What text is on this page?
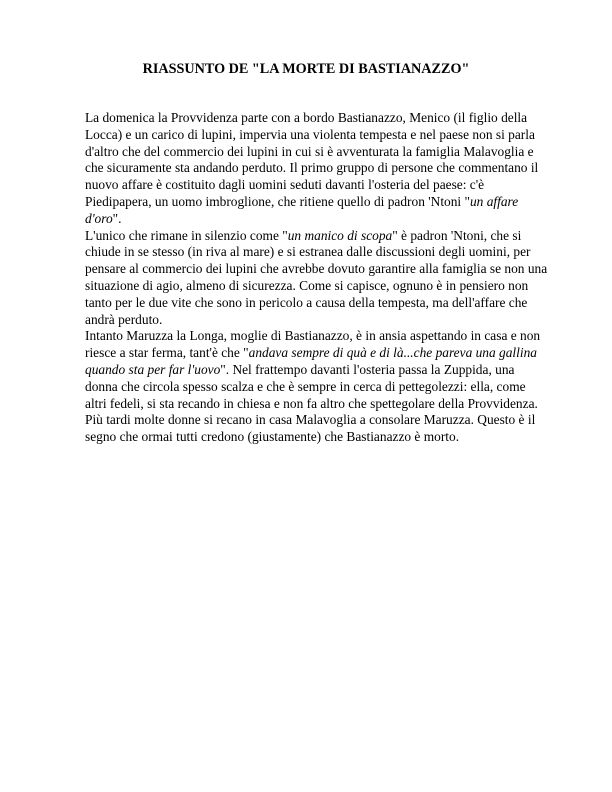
RIASSUNTO DE "LA MORTE DI BASTIANAZZO"
La domenica la Provvidenza parte con a bordo Bastianazzo, Menico (il figlio della
Locca) e un carico di lupini, impervia una violenta tempesta e nel paese non si parla
d'altro che del commercio dei lupini in cui si è avventurata la famiglia Malavoglia e
che sicuramente sta andando perduto. Il primo gruppo di persone che commentano il
nuovo affare è costituito dagli uomini seduti davanti l'osteria del paese: c'è
Piedipapera, un uomo imbroglione, che ritiene quello di padron 'Ntoni "un affare
d'oro".
L'unico che rimane in silenzio come "un manico di scopa" è padron 'Ntoni, che si
chiude in se stesso (in riva al mare) e si estranea dalle discussioni degli uomini, per
pensare al commercio dei lupini che avrebbe dovuto garantire alla famiglia se non una
situazione di agio, almeno di sicurezza. Come si capisce, ognuno è in pensiero non
tanto per le due vite che sono in pericolo a causa della tempesta, ma dell'affare che
andrà perduto.
Intanto Maruzza la Longa, moglie di Bastianazzo, è in ansia aspettando in casa e non
riesce a star ferma, tant'è che "andava sempre di quà e di là...che pareva una gallina
quando sta per far l'uovo". Nel frattempo davanti l'osteria passa la Zuppida, una
donna che circola spesso scalza e che è sempre in cerca di pettegolezzi: ella, come
altri fedeli, si sta recando in chiesa e non fa altro che spettegolare della Provvidenza.
Più tardi molte donne si recano in casa Malavoglia a consolare Maruzza. Questo è il
segno che ormai tutti credono (giustamente) che Bastianazzo è morto.
